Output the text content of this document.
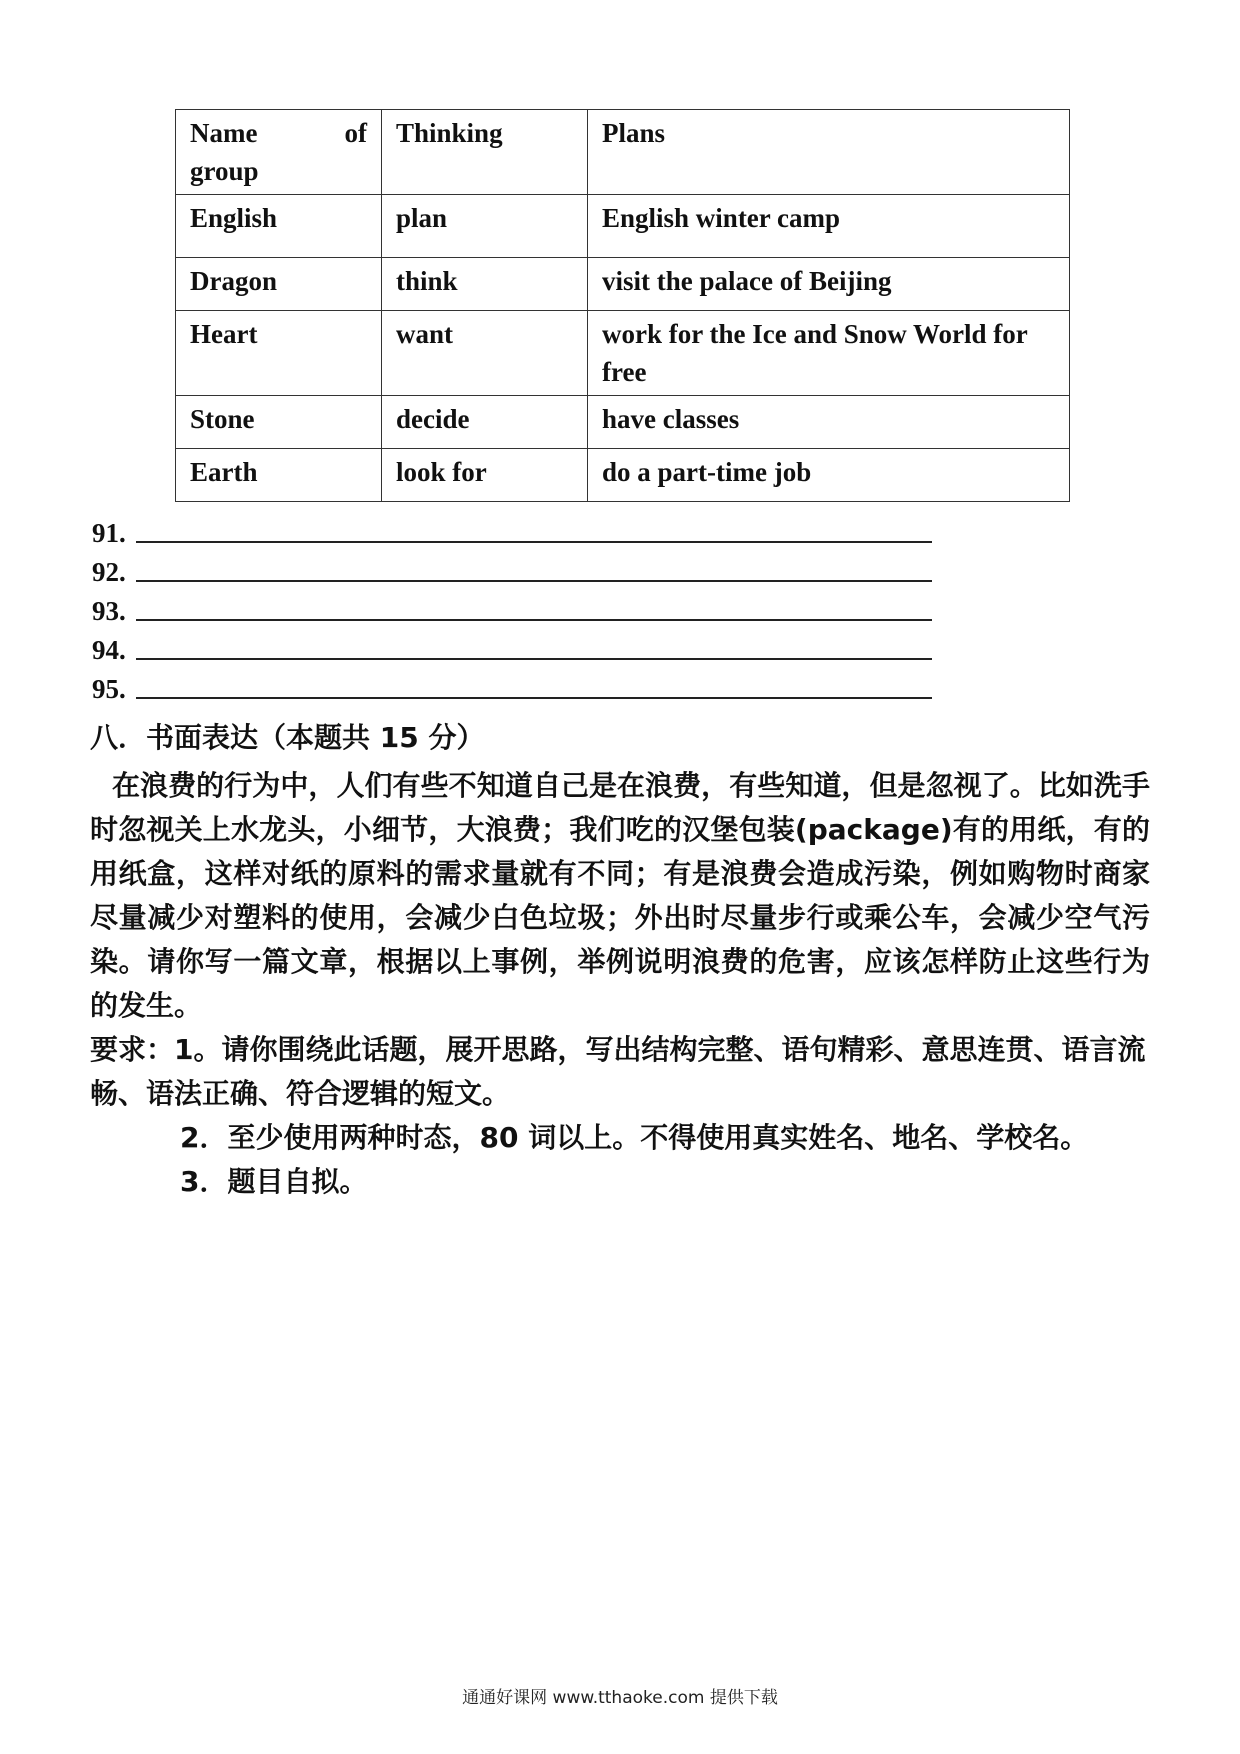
Name of
group	Thinking	Plans
English	plan	English winter camp
Dragon	think	visit the palace of Beijing
Heart	want	work for the Ice and Snow World for free
Stone	decide	have classes
Earth	look for	do a part-time job
91.
92.
93.
94.
95.

八．书面表达（本题共 15 分）

在浪费的行为中，人们有些不知道自己是在浪费，有些知道，但是忽视了。比如洗手时忽视关上水龙头，小细节，大浪费；我们吃的汉堡包装(package)有的用纸，有的用纸盒，这样对纸的原料的需求量就有不同；有是浪费会造成污染，例如购物时商家尽量减少对塑料的使用，会减少白色垃圾；外出时尽量步行或乘公车，会减少空气污染。请你写一篇文章，根据以上事例，举例说明浪费的危害，应该怎样防止这些行为的发生。

要求：1。请你围绕此话题，展开思路，写出结构完整、语句精彩、意思连贯、语言流畅、语法正确、符合逻辑的短文。

2．至少使用两种时态，80 词以上。不得使用真实姓名、地名、学校名。

3．题目自拟。

通通好课网 www.tthaoke.com 提供下载
